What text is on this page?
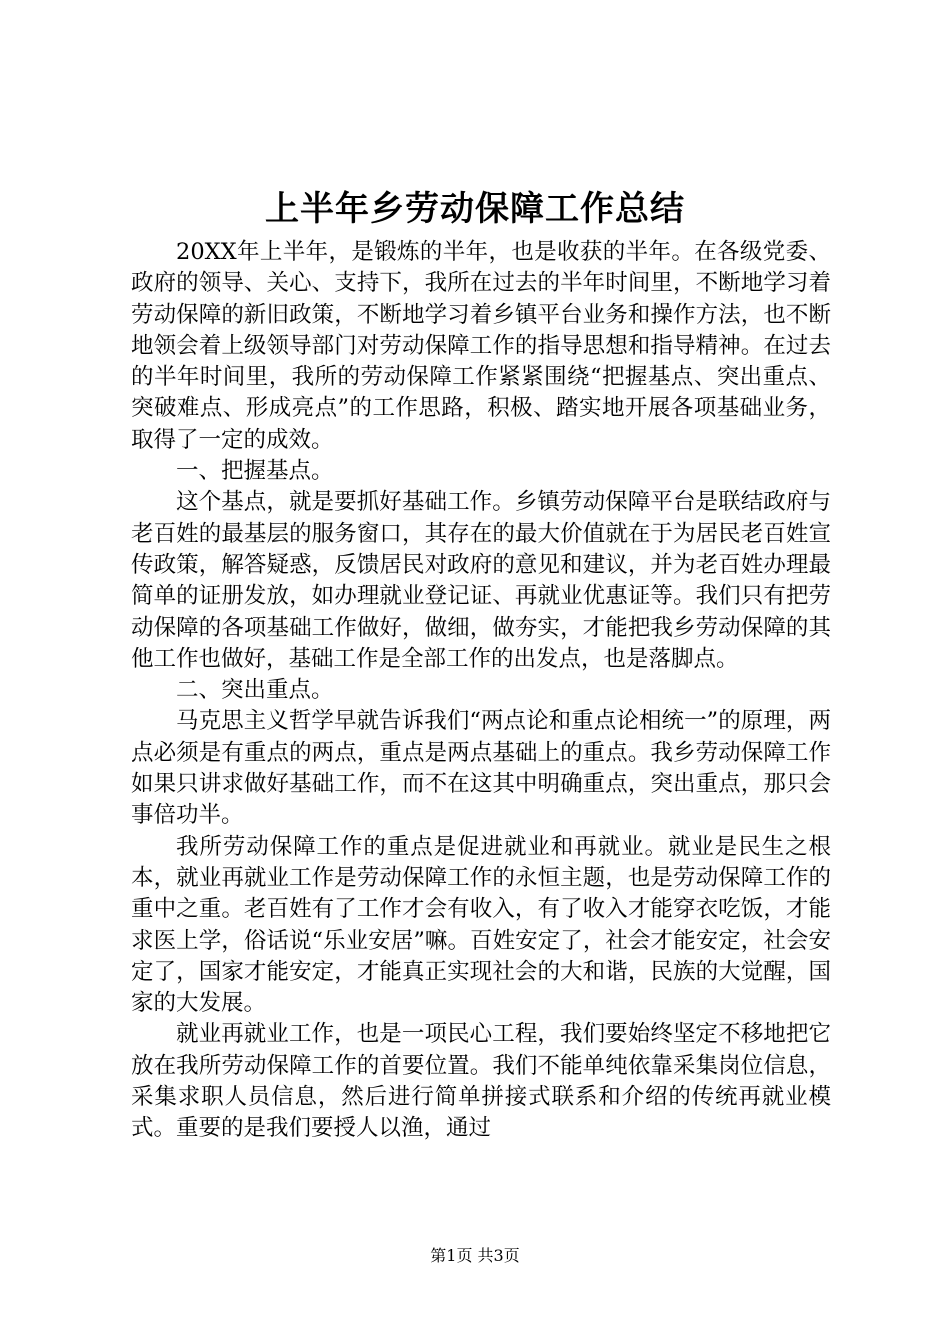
上半年乡劳动保障工作总结

20XX年上半年，是锻炼的半年，也是收获的半年。在各级党委、政府的领导、关心、支持下，我所在过去的半年时间里，不断地学习着劳动保障的新旧政策，不断地学习着乡镇平台业务和操作方法，也不断地领会着上级领导部门对劳动保障工作的指导思想和指导精神。在过去的半年时间里，我所的劳动保障工作紧紧围绕“把握基点、突出重点、突破难点、形成亮点”的工作思路，积极、踏实地开展各项基础业务，取得了一定的成效。

一、把握基点。

这个基点，就是要抓好基础工作。乡镇劳动保障平台是联结政府与老百姓的最基层的服务窗口，其存在的最大价值就在于为居民老百姓宣传政策，解答疑惑，反馈居民对政府的意见和建议，并为老百姓办理最简单的证册发放，如办理就业登记证、再就业优惠证等。我们只有把劳动保障的各项基础工作做好，做细，做夯实，才能把我乡劳动保障的其他工作也做好，基础工作是全部工作的出发点，也是落脚点。

二、突出重点。

马克思主义哲学早就告诉我们“两点论和重点论相统一”的原理，两点必须是有重点的两点，重点是两点基础上的重点。我乡劳动保障工作如果只讲求做好基础工作，而不在这其中明确重点，突出重点，那只会事倍功半。

我所劳动保障工作的重点是促进就业和再就业。就业是民生之根本，就业再就业工作是劳动保障工作的永恒主题，也是劳动保障工作的重中之重。老百姓有了工作才会有收入，有了收入才能穿衣吃饭，才能求医上学，俗话说“乐业安居”嘛。百姓安定了，社会才能安定，社会安定了，国家才能安定，才能真正实现社会的大和谐，民族的大觉醒，国家的大发展。

就业再就业工作，也是一项民心工程，我们要始终坚定不移地把它放在我所劳动保障工作的首要位置。我们不能单纯依靠采集岗位信息，采集求职人员信息，然后进行简单拼接式联系和介绍的传统再就业模式。重要的是我们要授人以渔，通过

第1页 共3页
